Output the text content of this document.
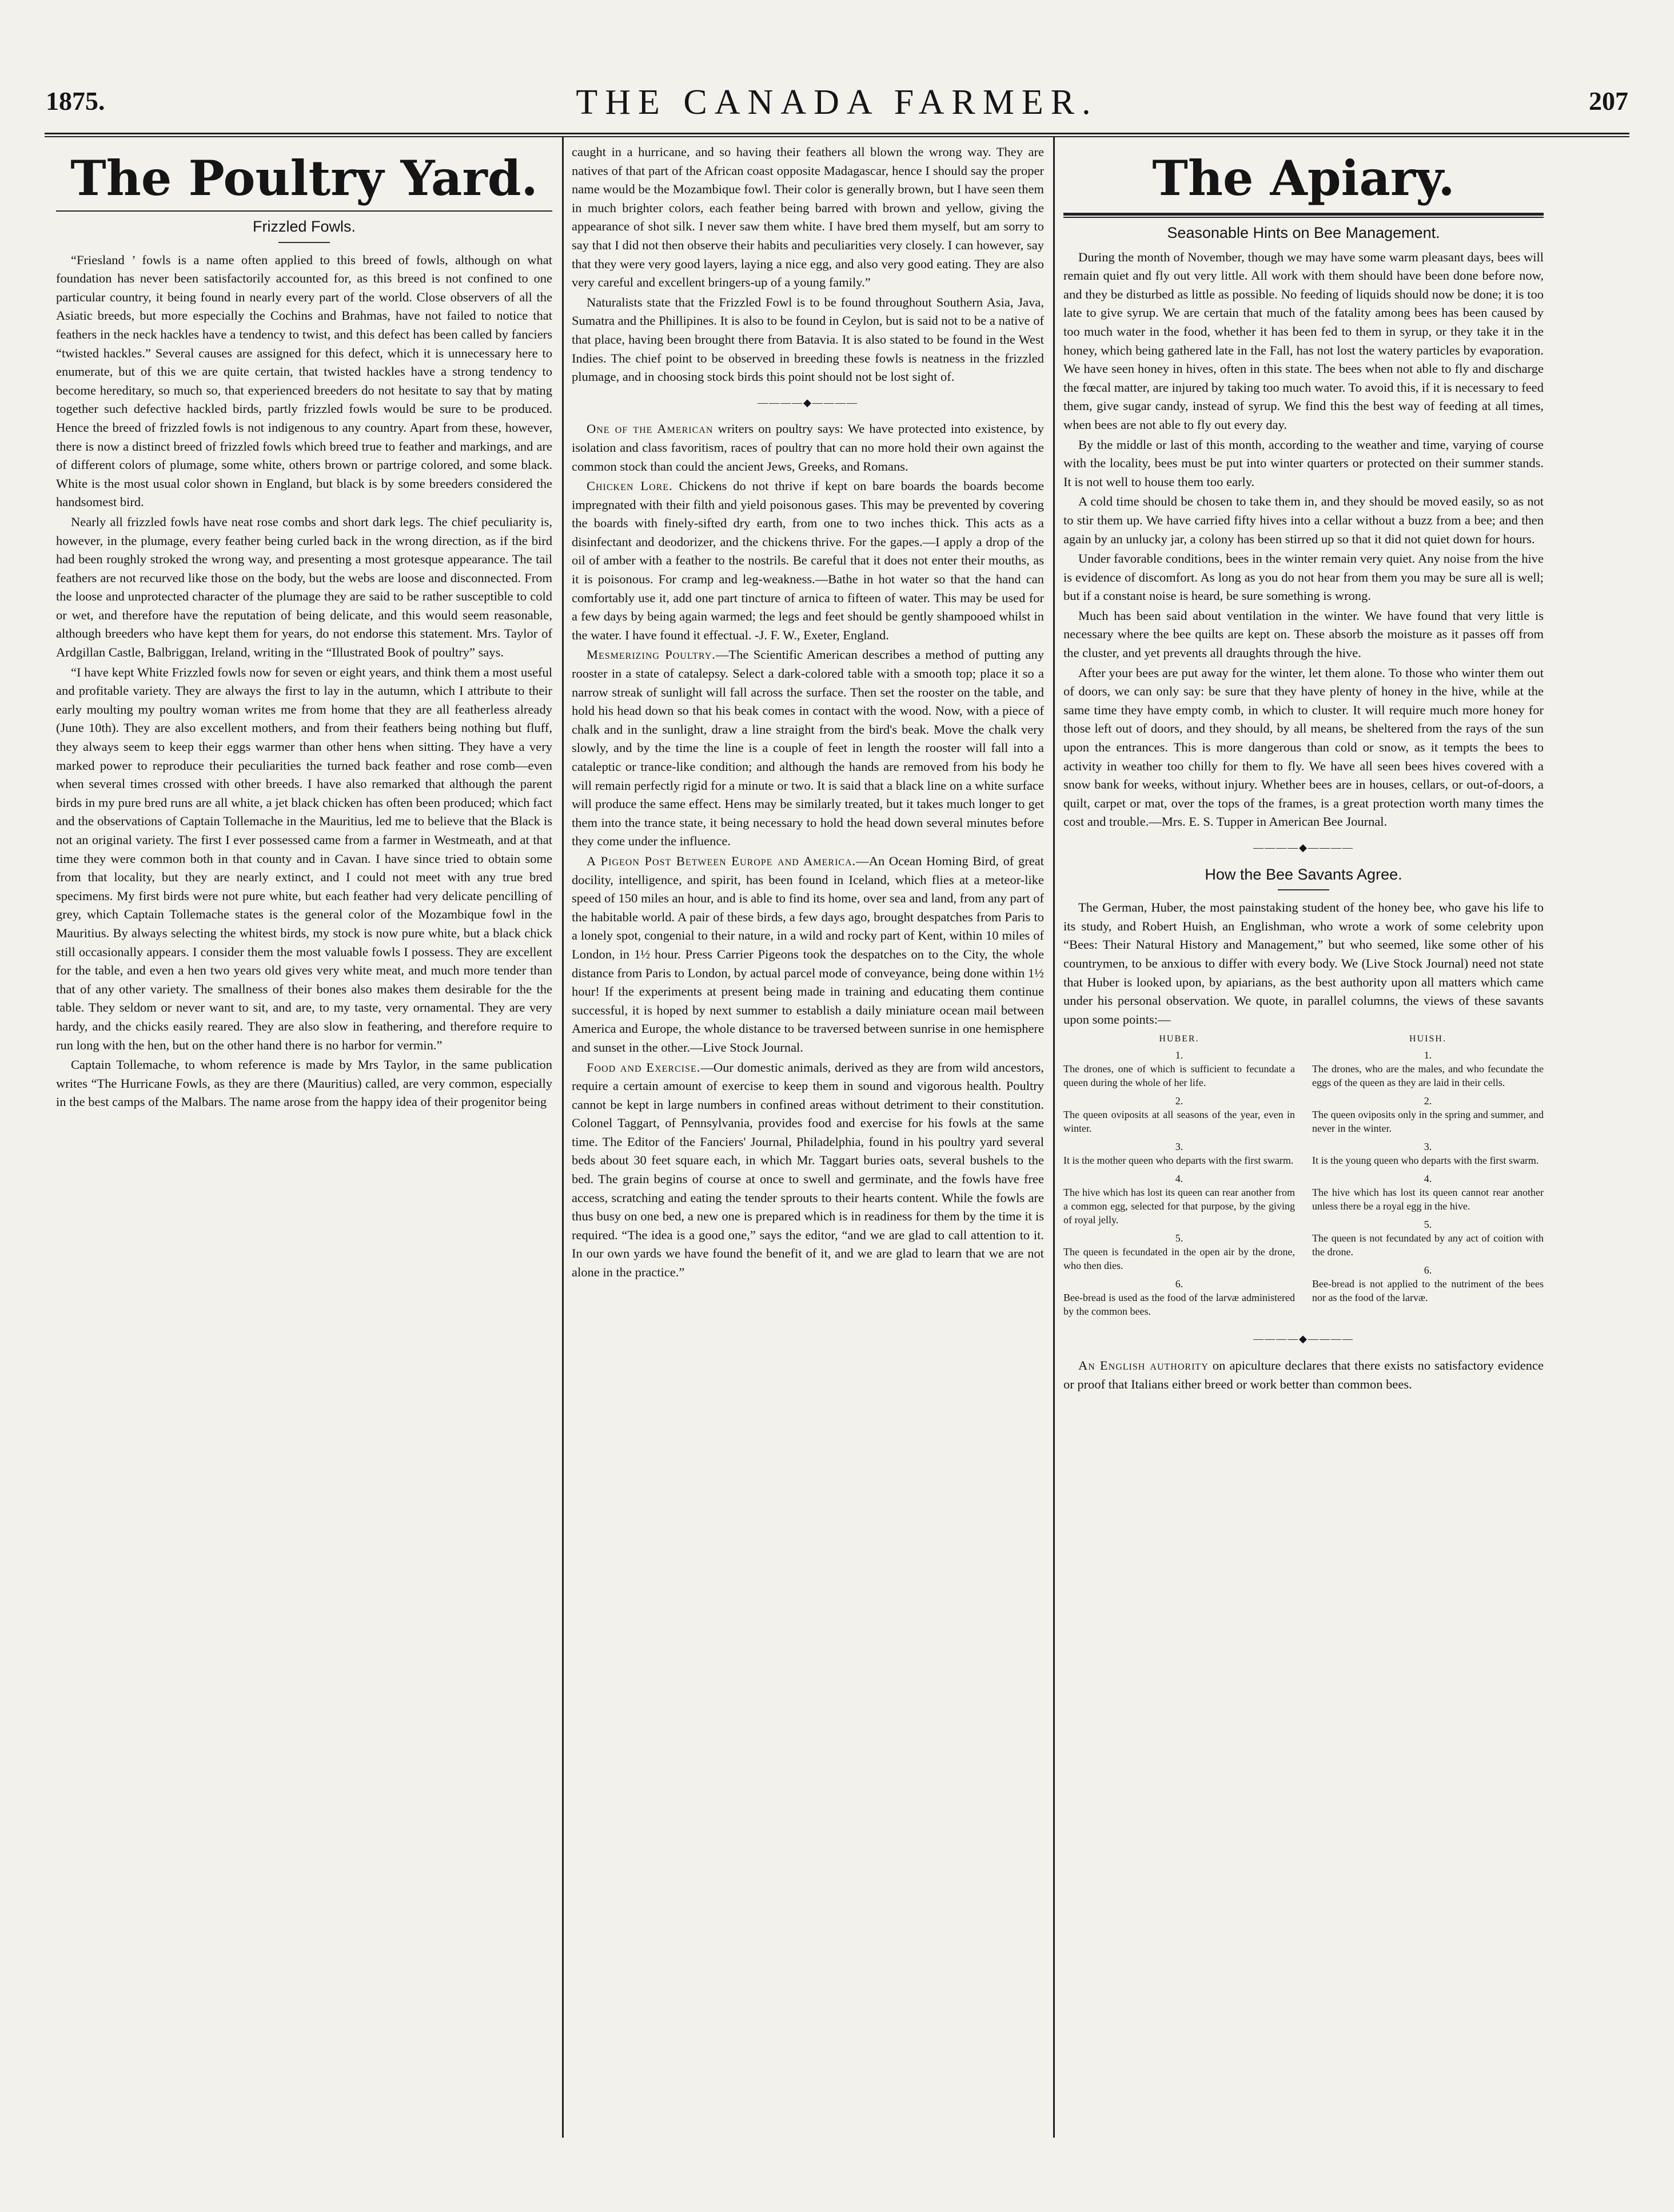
1875.	THE CANADA FARMER.	207
The Poultry Yard.
Frizzled Fowls.

“Friesland ’ fowls is a name often applied to this breed of fowls, although on what foundation has never been satisfactorily accounted for, as this breed is not confined to one particular country, it being found in nearly every part of the world. Close observers of all the Asiatic breeds, but more especially the Cochins and Brahmas, have not failed to notice that feathers in the neck hackles have a tendency to twist, and this defect has been called by fanciers “twisted hackles.” Several causes are assigned for this defect, which it is unnecessary here to enumerate, but of this we are quite certain, that twisted hackles have a strong tendency to become hereditary, so much so, that experienced breeders do not hesitate to say that by mating together such defective hackled birds, partly frizzled fowls would be sure to be produced. Hence the breed of frizzled fowls is not indigenous to any country. Apart from these, however, there is now a distinct breed of frizzled fowls which breed true to feather and markings, and are of different colors of plumage, some white, others brown or partrige colored, and some black. White is the most usual color shown in England, but black is by some breeders considered the handsomest bird.

Nearly all frizzled fowls have neat rose combs and short dark legs. The chief peculiarity is, however, in the plumage, every feather being curled back in the wrong direction, as if the bird had been roughly stroked the wrong way, and presenting a most grotesque appearance. The tail feathers are not recurved like those on the body, but the webs are loose and disconnected. From the loose and unprotected character of the plumage they are said to be rather susceptible to cold or wet, and therefore have the reputation of being delicate, and this would seem reasonable, although breeders who have kept them for years, do not endorse this statement. Mrs. Taylor of Ardgillan Castle, Balbriggan, Ireland, writing in the “Illustrated Book of poultry” says.

“I have kept White Frizzled fowls now for seven or eight years, and think them a most useful and profitable variety. They are always the first to lay in the autumn, which I attribute to their early moulting my poultry woman writes me from home that they are all featherless already (June 10th). They are also excellent mothers, and from their feathers being nothing but fluff, they always seem to keep their eggs warmer than other hens when sitting. They have a very marked power to reproduce their peculiarities the turned back feather and rose comb—even when several times crossed with other breeds. I have also remarked that although the parent birds in my pure bred runs are all white, a jet black chicken has often been produced; which fact and the observations of Captain Tollemache in the Mauritius, led me to believe that the Black is not an original variety. The first I ever possessed came from a farmer in Westmeath, and at that time they were common both in that county and in Cavan. I have since tried to obtain some from that locality, but they are nearly extinct, and I could not meet with any true bred specimens. My first birds were not pure white, but each feather had very delicate pencilling of grey, which Captain Tollemache states is the general color of the Mozambique fowl in the Mauritius. By always selecting the whitest birds, my stock is now pure white, but a black chick still occasionally appears. I consider them the most valuable fowls I possess. They are excellent for the table, and even a hen two years old gives very white meat, and much more tender than that of any other variety. The smallness of their bones also makes them desirable for the the table. They seldom or never want to sit, and are, to my taste, very ornamental. They are very hardy, and the chicks easily reared. They are also slow in feathering, and therefore require to run long with the hen, but on the other hand there is no harbor for vermin.”

Captain Tollemache, to whom reference is made by Mrs Taylor, in the same publication writes “The Hurricane Fowls, as they are there (Mauritius) called, are very common, especially in the best camps of the Malbars. The name arose from the happy idea of their progenitor being

caught in a hurricane, and so having their feathers all blown the wrong way. They are natives of that part of the African coast opposite Madagascar, hence I should say the proper name would be the Mozambique fowl. Their color is generally brown, but I have seen them in much brighter colors, each feather being barred with brown and yellow, giving the appearance of shot silk. I never saw them white. I have bred them myself, but am sorry to say that I did not then observe their habits and peculiarities very closely. I can however, say that they were very good layers, laying a nice egg, and also very good eating. They are also very careful and excellent bringers-up of a young family.”

Naturalists state that the Frizzled Fowl is to be found throughout Southern Asia, Java, Sumatra and the Phillipines. It is also to be found in Ceylon, but is said not to be a native of that place, having been brought there from Batavia. It is also stated to be found in the West Indies. The chief point to be observed in breeding these fowls is neatness in the frizzled plumage, and in choosing stock birds this point should not be lost sight of.

————◆————

One of the American writers on poultry says: We have protected into existence, by isolation and class favoritism, races of poultry that can no more hold their own against the common stock than could the ancient Jews, Greeks, and Romans.

Chicken Lore. Chickens do not thrive if kept on bare boards the boards become impregnated with their filth and yield poisonous gases. This may be prevented by covering the boards with finely-sifted dry earth, from one to two inches thick. This acts as a disinfectant and deodorizer, and the chickens thrive. For the gapes.—I apply a drop of the oil of amber with a feather to the nostrils. Be careful that it does not enter their mouths, as it is poisonous. For cramp and leg-weakness.—Bathe in hot water so that the hand can comfortably use it, add one part tincture of arnica to fifteen of water. This may be used for a few days by being again warmed; the legs and feet should be gently shampooed whilst in the water. I have found it effectual. -J. F. W., Exeter, England.

Mesmerizing Poultry.—The Scientific American describes a method of putting any rooster in a state of catalepsy. Select a dark-colored table with a smooth top; place it so a narrow streak of sunlight will fall across the surface. Then set the rooster on the table, and hold his head down so that his beak comes in contact with the wood. Now, with a piece of chalk and in the sunlight, draw a line straight from the bird's beak. Move the chalk very slowly, and by the time the line is a couple of feet in length the rooster will fall into a cataleptic or trance-like condition; and although the hands are removed from his body he will remain perfectly rigid for a minute or two. It is said that a black line on a white surface will produce the same effect. Hens may be similarly treated, but it takes much longer to get them into the trance state, it being necessary to hold the head down several minutes before they come under the influence.

A Pigeon Post Between Europe and America.—An Ocean Homing Bird, of great docility, intelligence, and spirit, has been found in Iceland, which flies at a meteor-like speed of 150 miles an hour, and is able to find its home, over sea and land, from any part of the habitable world. A pair of these birds, a few days ago, brought despatches from Paris to a lonely spot, congenial to their nature, in a wild and rocky part of Kent, within 10 miles of London, in 1½ hour. Press Carrier Pigeons took the despatches on to the City, the whole distance from Paris to London, by actual parcel mode of conveyance, being done within 1½ hour! If the experiments at present being made in training and educating them continue successful, it is hoped by next summer to establish a daily miniature ocean mail between America and Europe, the whole distance to be traversed between sunrise in one hemisphere and sunset in the other.—Live Stock Journal.

Food and Exercise.—Our domestic animals, derived as they are from wild ancestors, require a certain amount of exercise to keep them in sound and vigorous health. Poultry cannot be kept in large numbers in confined areas without detriment to their constitution. Colonel Taggart, of Pennsylvania, provides food and exercise for his fowls at the same time. The Editor of the Fanciers' Journal, Philadelphia, found in his poultry yard several beds about 30 feet square each, in which Mr. Taggart buries oats, several bushels to the bed. The grain begins of course at once to swell and germinate, and the fowls have free access, scratching and eating the tender sprouts to their hearts content. While the fowls are thus busy on one bed, a new one is prepared which is in readiness for them by the time it is required. “The idea is a good one,” says the editor, “and we are glad to call attention to it. In our own yards we have found the benefit of it, and we are glad to learn that we are not alone in the practice.”

The Apiary.
Seasonable Hints on Bee Management.

During the month of November, though we may have some warm pleasant days, bees will remain quiet and fly out very little. All work with them should have been done before now, and they be disturbed as little as possible. No feeding of liquids should now be done; it is too late to give syrup. We are certain that much of the fatality among bees has been caused by too much water in the food, whether it has been fed to them in syrup, or they take it in the honey, which being gathered late in the Fall, has not lost the watery particles by evaporation. We have seen honey in hives, often in this state. The bees when not able to fly and discharge the fœcal matter, are injured by taking too much water. To avoid this, if it is necessary to feed them, give sugar candy, instead of syrup. We find this the best way of feeding at all times, when bees are not able to fly out every day.

By the middle or last of this month, according to the weather and time, varying of course with the locality, bees must be put into winter quarters or protected on their summer stands. It is not well to house them too early.

A cold time should be chosen to take them in, and they should be moved easily, so as not to stir them up. We have carried fifty hives into a cellar without a buzz from a bee; and then again by an unlucky jar, a colony has been stirred up so that it did not quiet down for hours.

Under favorable conditions, bees in the winter remain very quiet. Any noise from the hive is evidence of discomfort. As long as you do not hear from them you may be sure all is well; but if a constant noise is heard, be sure something is wrong.

Much has been said about ventilation in the winter. We have found that very little is necessary where the bee quilts are kept on. These absorb the moisture as it passes off from the cluster, and yet prevents all draughts through the hive.

After your bees are put away for the winter, let them alone. To those who winter them out of doors, we can only say: be sure that they have plenty of honey in the hive, while at the same time they have empty comb, in which to cluster. It will require much more honey for those left out of doors, and they should, by all means, be sheltered from the rays of the sun upon the entrances. This is more dangerous than cold or snow, as it tempts the bees to activity in weather too chilly for them to fly. We have all seen bees hives covered with a snow bank for weeks, without injury. Whether bees are in houses, cellars, or out-of-doors, a quilt, carpet or mat, over the tops of the frames, is a great protection worth many times the cost and trouble.—Mrs. E. S. Tupper in American Bee Journal.

————◆————
How the Bee Savants Agree.

The German, Huber, the most painstaking student of the honey bee, who gave his life to its study, and Robert Huish, an Englishman, who wrote a work of some celebrity upon “Bees: Their Natural History and Management,” but who seemed, like some other of his countrymen, to be anxious to differ with every body. We (Live Stock Journal) need not state that Huber is looked upon, by apiarians, as the best authority upon all matters which came under his personal observation. We quote, in parallel columns, the views of these savants upon some points:—

HUBER.
1.
The drones, one of which is sufficient to fecundate a queen during the whole of her life.
2.
The queen oviposits at all seasons of the year, even in winter.
3.
It is the mother queen who departs with the first swarm.
4.
The hive which has lost its queen can rear another from a common egg, selected for that purpose, by the giving of royal jelly.
5.
The queen is fecundated in the open air by the drone, who then dies.
6.
Bee-bread is used as the food of the larvæ administered by the common bees.
HUISH.
1.
The drones, who are the males, and who fecundate the eggs of the queen as they are laid in their cells.
2.
The queen oviposits only in the spring and summer, and never in the winter.
3.
It is the young queen who departs with the first swarm.
4.
The hive which has lost its queen cannot rear another unless there be a royal egg in the hive.
5.
The queen is not fecundated by any act of coition with the drone.
6.
Bee-bread is not applied to the nutriment of the bees nor as the food of the larvæ.
————◆————

An English authority on apiculture declares that there exists no satisfactory evidence or proof that Italians either breed or work better than common bees.
